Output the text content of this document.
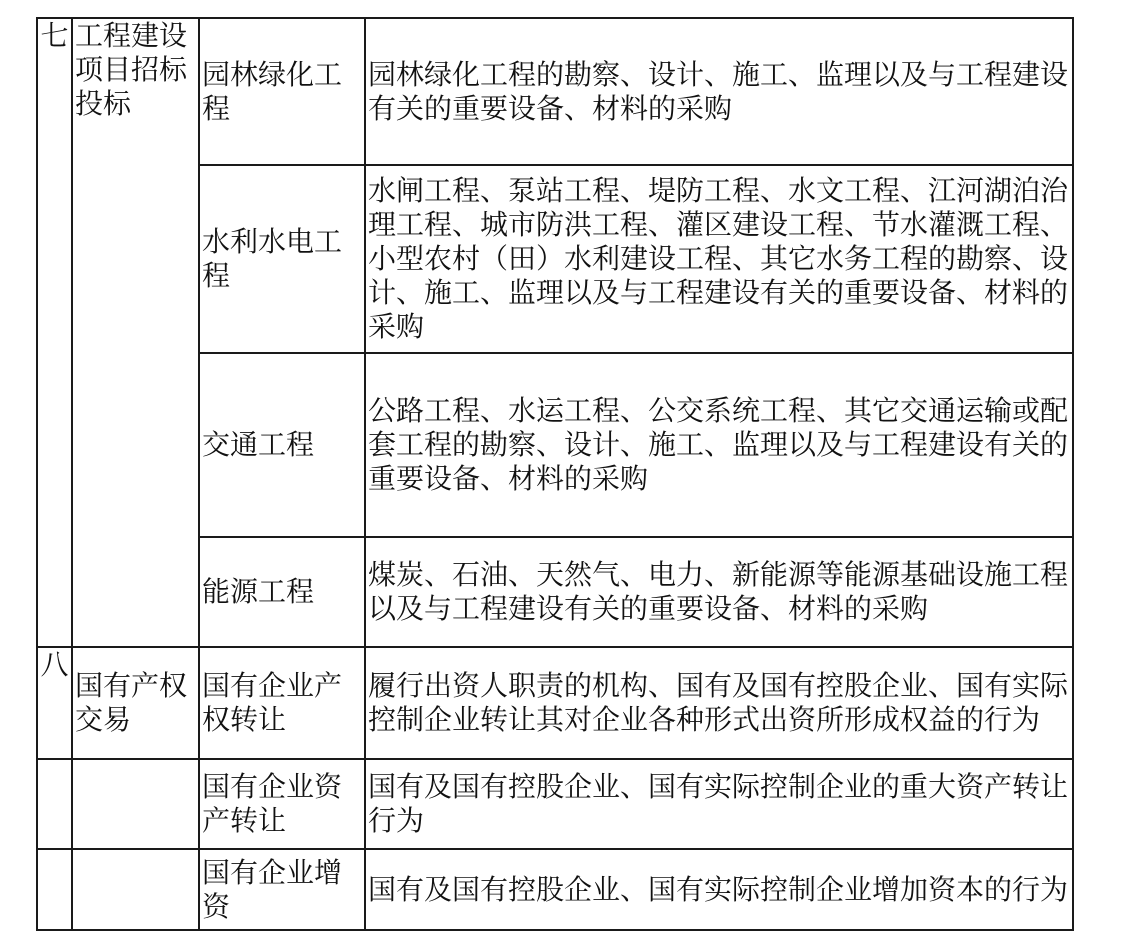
七	工程建设项目招标投标	园林绿化工程	园林绿化工程的勘察、设计、施工、监理以及与工程建设有关的重要设备、材料的采购
		水利水电工程	水闸工程、泵站工程、堤防工程、水文工程、江河湖泊治理工程、城市防洪工程、灌区建设工程、节水灌溉工程、小型农村（田）水利建设工程、其它水务工程的勘察、设计、施工、监理以及与工程建设有关的重要设备、材料的采购
		交通工程	公路工程、水运工程、公交系统工程、其它交通运输或配套工程的勘察、设计、施工、监理以及与工程建设有关的重要设备、材料的采购
		能源工程	煤炭、石油、天然气、电力、新能源等能源基础设施工程以及与工程建设有关的重要设备、材料的采购
八	国有产权交易	国有企业产权转让	履行出资人职责的机构、国有及国有控股企业、国有实际控制企业转让其对企业各种形式出资所形成权益的行为
		国有企业资产转让	国有及国有控股企业、国有实际控制企业的重大资产转让行为
		国有企业增资	国有及国有控股企业、国有实际控制企业增加资本的行为
